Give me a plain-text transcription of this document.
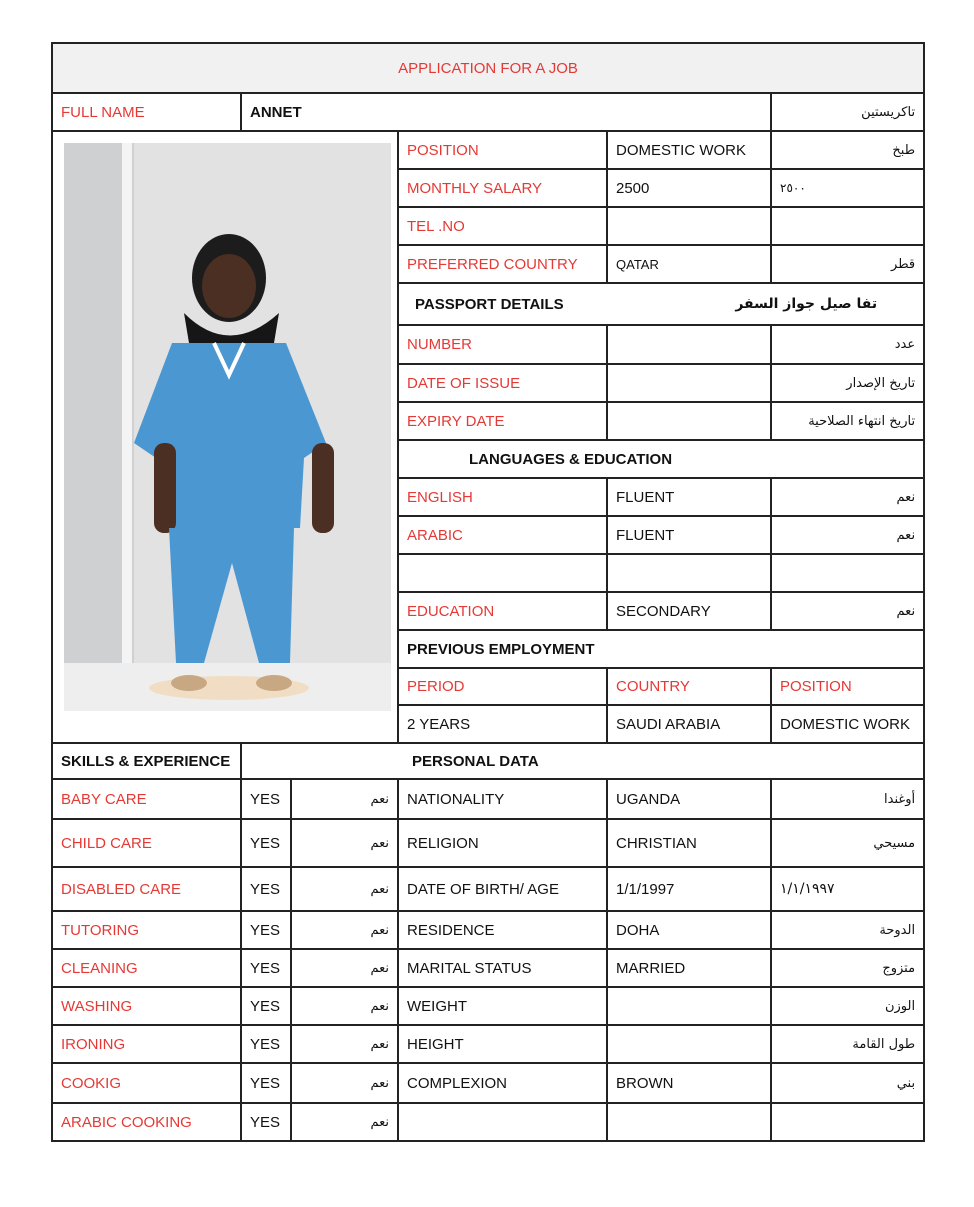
APPLICATION FOR A JOB					
FULL NAME	ANNET				تاكريستين

	POSITION	DOMESTIC WORK	طبخ
			MONTHLY SALARY	2500	٢٥٠٠
			TEL .NO		
			PREFERRED COUNTRY	QATAR	قطر
			PASSPORT DETAILS تفا صيل جواز السفر		

			NUMBER		عدد
			DATE OF ISSUE		تاريخ الإصدار
			EXPIRY DATE		تاريخ انتهاء الصلاحية
			LANGUAGES & EDUCATION		
			ENGLISH	FLUENT	نعم
			ARABIC	FLUENT	نعم

			EDUCATION	SECONDARY	نعم
			PREVIOUS EMPLOYMENT		
			PERIOD	COUNTRY	POSITION
			2 YEARS	SAUDI ARABIA	DOMESTIC WORK
SKILLS & EXPERIENCE	PERSONAL DATA				
BABY CARE	YES	نعم	NATIONALITY	UGANDA	أوغندا
CHILD CARE	YES	نعم	RELIGION	CHRISTIAN	مسيحي
DISABLED CARE	YES	نعم	DATE OF BIRTH/ AGE	1/1/1997	١/١/١٩٩٧
TUTORING	YES	نعم	RESIDENCE	DOHA	الدوحة
CLEANING	YES	نعم	MARITAL STATUS	MARRIED	متزوج
WASHING	YES	نعم	WEIGHT		الوزن
IRONING	YES	نعم	HEIGHT		طول القامة
COOKIG	YES	نعم	COMPLEXION	BROWN	بني
ARABIC COOKING	YES	نعم			
